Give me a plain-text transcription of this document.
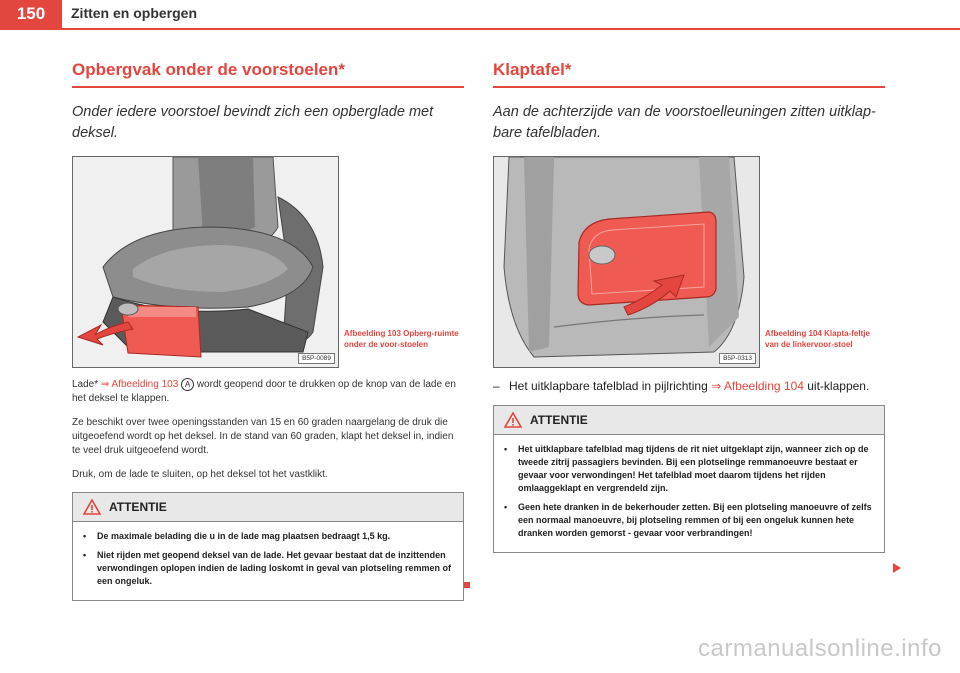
150	Zitten en opbergen
Opbergvak onder de voorstoelen*

Onder iedere voorstoel bevindt zich een opberglade met deksel.

B5P-0089
Afbeelding 103 Opberg-ruimte onder de voor-stoelen

Lade* ⇒ Afbeelding 103 A wordt geopend door te drukken op de knop van de lade en het deksel te klappen.

Ze beschikt over twee openingsstanden van 15 en 60 graden naargelang de druk die uitgeoefend wordt op het deksel. In de stand van 60 graden, klapt het deksel in, indien te veel druk uitgeoefend wordt.

Druk, om de lade te sluiten, op het deksel tot het vastklikt.

ATTENTIE

• De maximale belading die u in de lade mag plaatsen bedraagt 1,5 kg.

• Niet rijden met geopend deksel van de lade. Het gevaar bestaat dat de inzittenden verwondingen oplopen indien de lading loskomt in geval van plotseling remmen of een ongeluk.

Klaptafel*

Aan de achterzijde van de voorstoelleuningen zitten uitklap-bare tafelbladen.

B5P-0313
Afbeelding 104 Klapta-feltje van de linkervoor-stoel

– Het uitklapbare tafelblad in pijlrichting ⇒ Afbeelding 104 uit-klappen.

ATTENTIE

• Het uitklapbare tafelblad mag tijdens de rit niet uitgeklapt zijn, wanneer zich op de tweede zitrij passagiers bevinden. Bij een plotselinge remmanoeuvre bestaat er gevaar voor verwondingen! Het tafelblad moet daarom tijdens het rijden omlaaggeklapt en vergrendeld zijn.

• Geen hete dranken in de bekerhouder zetten. Bij een plotseling manoeuvre of zelfs een normaal manoeuvre, bij plotseling remmen of bij een ongeluk kunnen hete dranken worden gemorst - gevaar voor verbrandingen!

carmanualsonline.info
